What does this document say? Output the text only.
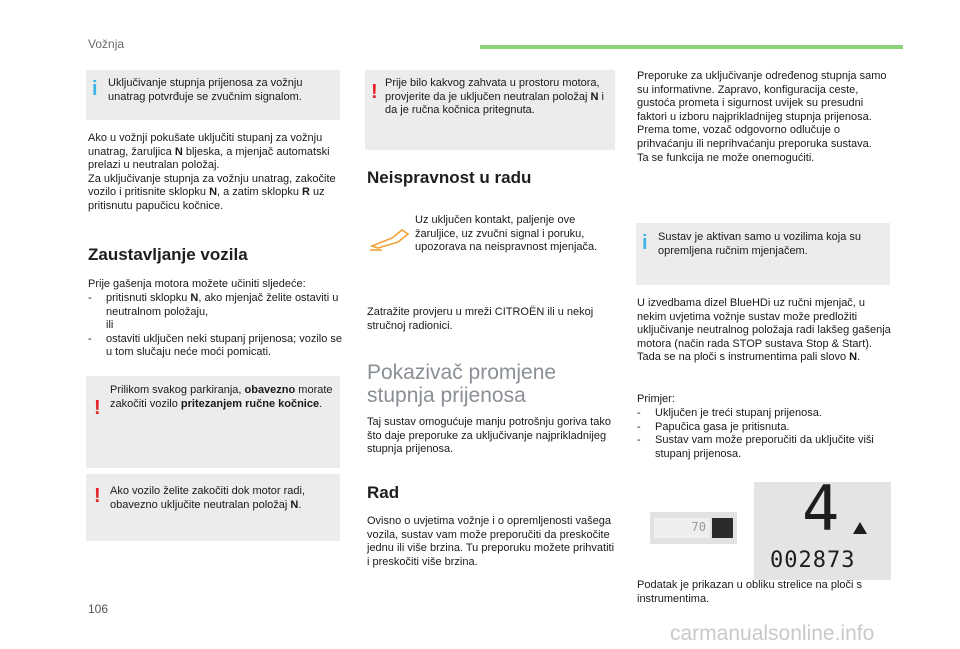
Vožnja
i Uključivanje stupnja prijenosa za vožnju unatrag potvrđuje se zvučnim signalom.
Ako u vožnji pokušate uključiti stupanj za vožnju unatrag, žaruljica N bljeska, a mjenjač automatski prelazi u neutralan položaj.
Za uključivanje stupnja za vožnju unatrag, zakočite vozilo i pritisnite sklopku N, a zatim sklopku R uz pritisnutu papučicu kočnice.
Zaustavljanje vozila
Prije gašenja motora možete učiniti sljedeće:
- pritisnuti sklopku N, ako mjenjač želite ostaviti u neutralnom položaju,
ili
- ostaviti uključen neki stupanj prijenosa; vozilo se u tom slučaju neće moći pomicati.
!
Prilikom svakog parkiranja, obavezno morate zakočiti vozilo pritezanjem ručne kočnice.
! Ako vozilo želite zakočiti dok motor radi, obavezno uključite neutralan položaj N.
! Prije bilo kakvog zahvata u prostoru motora, provjerite da je uključen neutralan položaj N i da je ručna kočnica pritegnuta.
Neispravnost u radu
Uz uključen kontakt, paljenje ove žaruljice, uz zvučni signal i poruku, upozorava na neispravnost mjenjača.
Zatražite provjeru u mreži CITROËN ili u nekoj stručnoj radionici.
Pokazivač promjene stupnja prijenosa
Taj sustav omogućuje manju potrošnju goriva tako što daje preporuke za uključivanje najprikladnijeg stupnja prijenosa.
Rad
Ovisno o uvjetima vožnje i o opremljenosti vašega vozila, sustav vam može preporučiti da preskočite jednu ili više brzina. Tu preporuku možete prihvatiti i preskočiti više brzina.
Preporuke za uključivanje određenog stupnja samo su informativne. Zapravo, konfiguracija ceste, gustoća prometa i sigurnost uvijek su presudni faktori u izboru najprikladnijeg stupnja prijenosa. Prema tome, vozač odgovorno odlučuje o prihvaćanju ili neprihvaćanju preporuka sustava.
Ta se funkcija ne može onemogućiti.
i Sustav je aktivan samo u vozilima koja su opremljena ručnim mjenjačem.
U izvedbama dizel BlueHDi uz ručni mjenjač, u nekim uvjetima vožnje sustav može predložiti uključivanje neutralnog položaja radi lakšeg gašenja motora (način rada STOP sustava Stop & Start). Tada se na ploči s instrumentima pali slovo N.
Primjer:
- Uključen je treći stupanj prijenosa.
- Papučica gasa je pritisnuta.
- Sustav vam može preporučiti da uključite viši stupanj prijenosa.
70 4
002873
Podatak je prikazan u obliku strelice na ploči s instrumentima.
106
carmanualsonline.info
